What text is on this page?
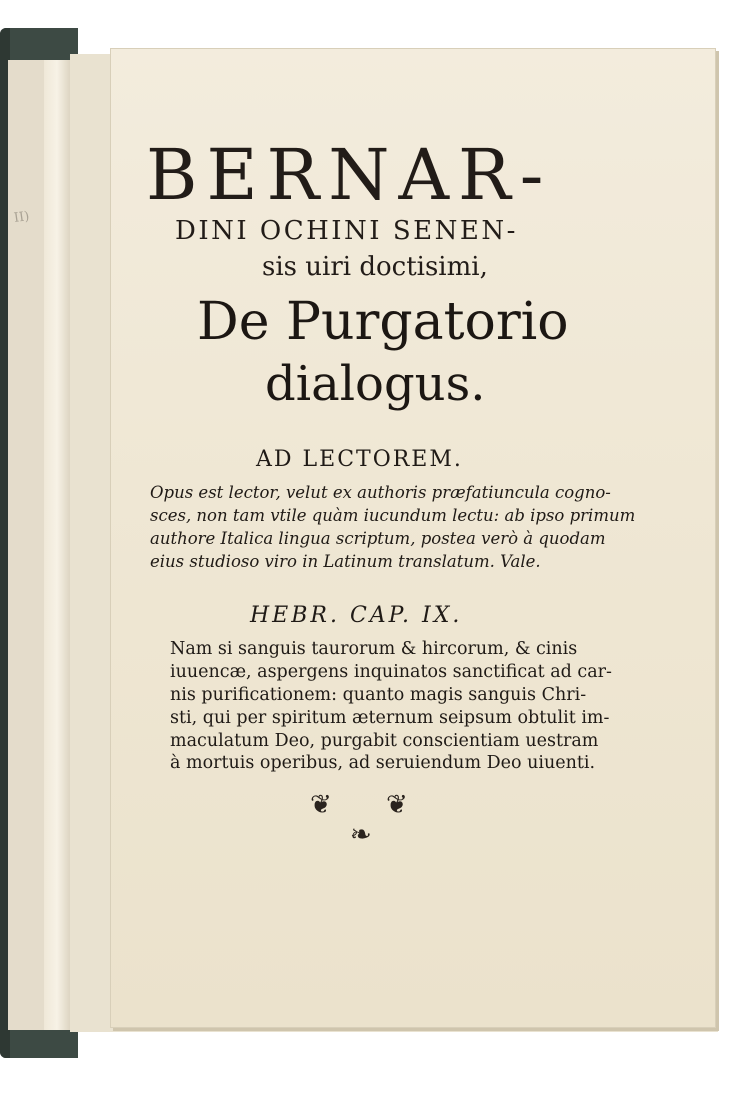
II)
BERNAR-
DINI OCHINI SENEN-
sis uiri doctisimi,
De Purgatorio
dialogus.
AD LECTOREM.
Opus est lector, velut ex authoris præfatiuncula cogno-
sces, non tam vtile quàm iucundum lectu: ab ipso primum
authore Italica lingua scriptum, postea verò à quodam
eius studioso viro in Latinum translatum. Vale.
HEBR. CAP. IX.
Nam si sanguis taurorum & hircorum, & cinis
iuuencæ, aspergens inquinatos sanctificat ad car-
nis purificationem: quanto magis sanguis Chri-
sti, qui per spiritum æternum seipsum obtulit im-
maculatum Deo, purgabit conscientiam uestram
à mortuis operibus, ad seruiendum Deo uiuenti.
❦ ❦
❧
